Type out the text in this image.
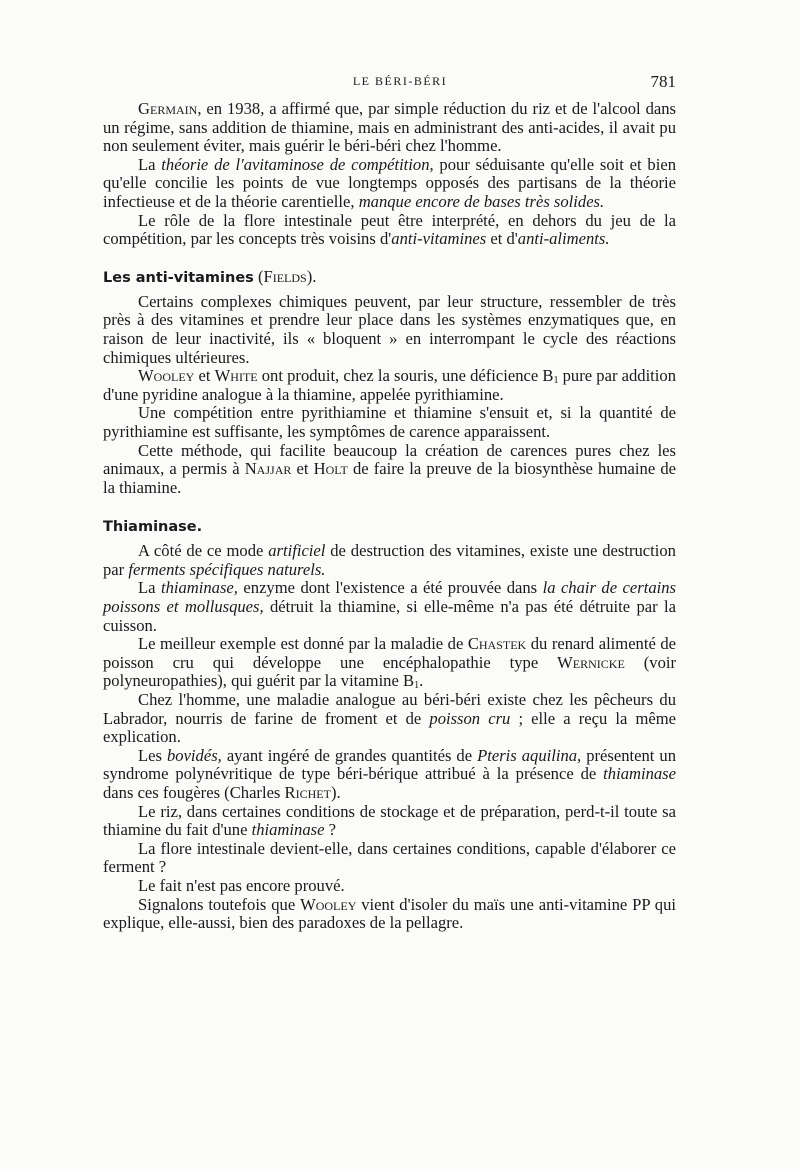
LE BÉRI-BÉRI	781

Germain, en 1938, a affirmé que, par simple réduction du riz et de l'alcool dans un régime, sans addition de thiamine, mais en administrant des anti-acides, il avait pu non seulement éviter, mais guérir le béri-béri chez l'homme.

La théorie de l'avitaminose de compétition, pour séduisante qu'elle soit et bien qu'elle concilie les points de vue longtemps opposés des partisans de la théorie infectieuse et de la théorie carentielle, manque encore de bases très solides.

Le rôle de la flore intestinale peut être interprété, en dehors du jeu de la compétition, par les concepts très voisins d'anti-vitamines et d'anti-aliments.

Les anti-vitamines (Fields).

Certains complexes chimiques peuvent, par leur structure, ressembler de très près à des vitamines et prendre leur place dans les systèmes enzymatiques que, en raison de leur inactivité, ils « bloquent » en interrompant le cycle des réactions chimiques ultérieures.

Wooley et White ont produit, chez la souris, une déficience $B_1$ pure par addition d'une pyridine analogue à la thiamine, appelée pyrithiamine.

Une compétition entre pyrithiamine et thiamine s'ensuit et, si la quantité de pyrithiamine est suffisante, les symptômes de carence apparaissent.

Cette méthode, qui facilite beaucoup la création de carences pures chez les animaux, a permis à Najjar et Holt de faire la preuve de la biosynthèse humaine de la thiamine.

Thiaminase.

A côté de ce mode artificiel de destruction des vitamines, existe une destruction par ferments spécifiques naturels.

La thiaminase, enzyme dont l'existence a été prouvée dans la chair de certains poissons et mollusques, détruit la thiamine, si elle-même n'a pas été détruite par la cuisson.

Le meilleur exemple est donné par la maladie de Chastek du renard alimenté de poisson cru qui développe une encéphalopathie type Wernicke (voir polyneuropathies), qui guérit par la vitamine $B_1$.

Chez l'homme, une maladie analogue au béri-béri existe chez les pêcheurs du Labrador, nourris de farine de froment et de poisson cru ; elle a reçu la même explication.

Les bovidés, ayant ingéré de grandes quantités de Pteris aquilina, présentent un syndrome polynévritique de type béri-bérique attribué à la présence de thiaminase dans ces fougères (Charles Richet).

Le riz, dans certaines conditions de stockage et de préparation, perd-t-il toute sa thiamine du fait d'une thiaminase ?

La flore intestinale devient-elle, dans certaines conditions, capable d'élaborer ce ferment ?

Le fait n'est pas encore prouvé.

Signalons toutefois que Wooley vient d'isoler du maïs une anti-vitamine PP qui explique, elle-aussi, bien des paradoxes de la pellagre.
